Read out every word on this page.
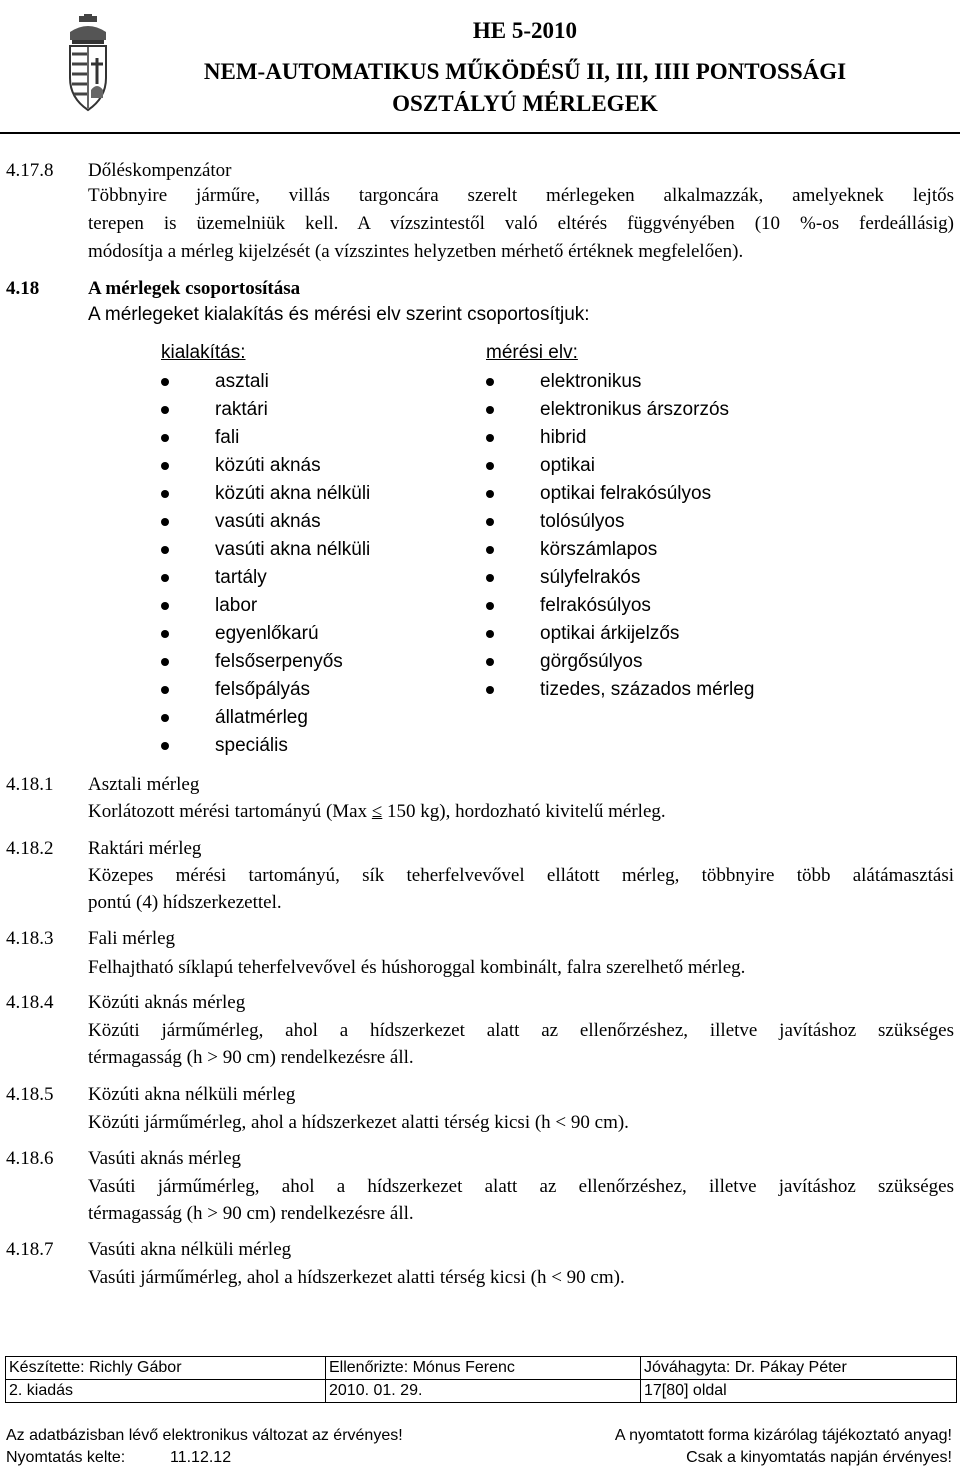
HE 5-2010
NEM-AUTOMATIKUS MŰKÖDÉSŰ II, III, IIII PONTOSSÁGI
OSZTÁLYÚ MÉRLEGEK
4.17.8	Dőléskompenzátor
Többnyire járműre, villás targoncára szerelt mérlegeken alkalmazzák, amelyeknek lejtős
terepen is üzemelniük kell. A vízszintestől való eltérés függvényében (10 %-os ferdeállásig)
módosítja a mérleg kijelzését (a vízszintes helyzetben mérhető értéknek megfelelően).
4.18	A mérlegek csoportosítása
A mérlegeket kialakítás és mérési elv szerint csoportosítjuk:
kialakítás:
asztali
raktári
fali
közúti aknás
közúti akna nélküli
vasúti aknás
vasúti akna nélküli
tartály
labor
egyenlőkarú
felsőserpenyős
felsőpályás
állatmérleg
speciális
mérési elv:
elektronikus
elektronikus árszorzós
hibrid
optikai
optikai felrakósúlyos
tolósúlyos
körszámlapos
súlyfelrakós
felrakósúlyos
optikai árkijelzős
görgősúlyos
tizedes, százados mérleg
4.18.1	Asztali mérleg
Korlátozott mérési tartományú (Max ≤ 150 kg), hordozható kivitelű mérleg.
4.18.2	Raktári mérleg
Közepes mérési tartományú, sík teherfelvevővel ellátott mérleg, többnyire több alátámasztási
pontú (4) hídszerkezettel.
4.18.3	Fali mérleg
Felhajtható síklapú teherfelvevővel és húshoroggal kombinált, falra szerelhető mérleg.
4.18.4	Közúti aknás mérleg
Közúti járműmérleg, ahol a hídszerkezet alatt az ellenőrzéshez, illetve javításhoz szükséges
térmagasság (h > 90 cm) rendelkezésre áll.
4.18.5	Közúti akna nélküli mérleg
Közúti járműmérleg, ahol a hídszerkezet alatti térség kicsi (h < 90 cm).
4.18.6	Vasúti aknás mérleg
Vasúti járműmérleg, ahol a hídszerkezet alatt az ellenőrzéshez, illetve javításhoz szükséges
térmagasság (h > 90 cm) rendelkezésre áll.
4.18.7	Vasúti akna nélküli mérleg
Vasúti járműmérleg, ahol a hídszerkezet alatti térség kicsi (h < 90 cm).
Készítette: Richly Gábor	Ellenőrizte: Mónus Ferenc	Jóváhagyta: Dr. Pákay Péter
2. kiadás	2010. 01. 29.	17[80] oldal
Az adatbázisban lévő elektronikus változat az érvényes!	A nyomtatott forma kizárólag tájékoztató anyag!
Nyomtatás kelte:	11.12.12	Csak a kinyomtatás napján érvényes!
